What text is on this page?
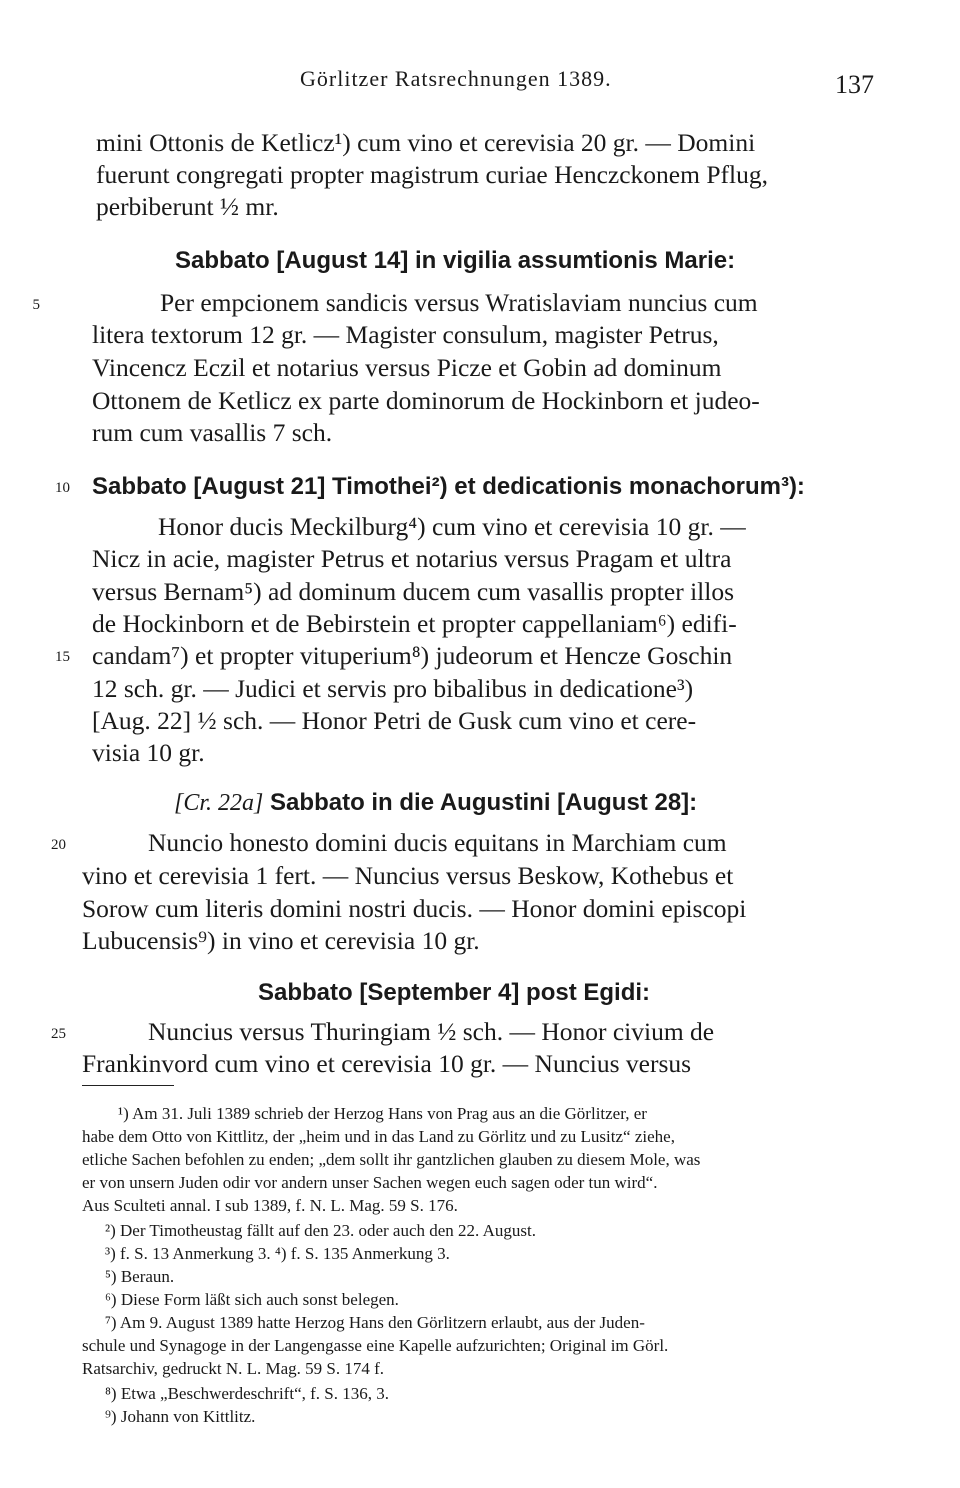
Görlitzer Ratsrechnungen 1389.	137
mini Ottonis de Ketlicz¹) cum vino et cerevisia 20 gr. — Domini
fuerunt congregati propter magistrum curiae Henczckonem Pflug,
perbiberunt ½ mr.
Sabbato [August 14] in vigilia assumtionis Marie:
5	Per empcionem sandicis versus Wratislaviam nuncius cum
litera textorum 12 gr. — Magister consulum, magister Petrus,
Vincencz Eczil et notarius versus Picze et Gobin ad dominum
Ottonem de Ketlicz ex parte dominorum de Hockinborn et judeo-
rum cum vasallis 7 sch.
10 Sabbato [August 21] Timothei²) et dedicationis monachorum³):
Honor ducis Meckilburg⁴) cum vino et cerevisia 10 gr. —
Nicz in acie, magister Petrus et notarius versus Pragam et ultra
versus Bernam⁵) ad dominum ducem cum vasallis propter illos
de Hockinborn et de Bebirstein et propter cappellaniam⁶) edifi-
15 candam⁷) et propter vituperium⁸) judeorum et Hencze Goschin
12 sch. gr. — Judici et servis pro bibalibus in dedicatione³)
[Aug. 22] ½ sch. — Honor Petri de Gusk cum vino et cere-
visia 10 gr.
[Cr. 22a] Sabbato in die Augustini [August 28]:
20	Nuncio honesto domini ducis equitans in Marchiam cum
vino et cerevisia 1 fert. — Nuncius versus Beskow, Kothebus et
Sorow cum literis domini nostri ducis. — Honor domini episcopi
Lubucensis⁹) in vino et cerevisia 10 gr.
Sabbato [September 4] post Egidi:
25	Nuncius versus Thuringiam ½ sch. — Honor civium de
Frankinvord cum vino et cerevisia 10 gr. — Nuncius versus
¹) Am 31. Juli 1389 schrieb der Herzog Hans von Prag aus an die Görlitzer, er
habe dem Otto von Kittlitz, der „heim und in das Land zu Görlitz und zu Lusitz“ ziehe,
etliche Sachen befohlen zu enden; „dem sollt ihr gantzlichen glauben zu diesem Mole, was
er von unsern Juden odir vor andern unser Sachen wegen euch sagen oder tun wird“.
Aus Sculteti annal. I sub 1389, f. N. L. Mag. 59 S. 176.
²) Der Timotheustag fällt auf den 23. oder auch den 22. August.
³) f. S. 13 Anmerkung 3. ⁴) f. S. 135 Anmerkung 3.
⁵) Beraun.
⁶) Diese Form läßt sich auch sonst belegen.
⁷) Am 9. August 1389 hatte Herzog Hans den Görlitzern erlaubt, aus der Juden-
schule und Synagoge in der Langengasse eine Kapelle aufzurichten; Original im Görl.
Ratsarchiv, gedruckt N. L. Mag. 59 S. 174 f.
⁸) Etwa „Beschwerdeschrift“, f. S. 136, 3.
⁹) Johann von Kittlitz.
